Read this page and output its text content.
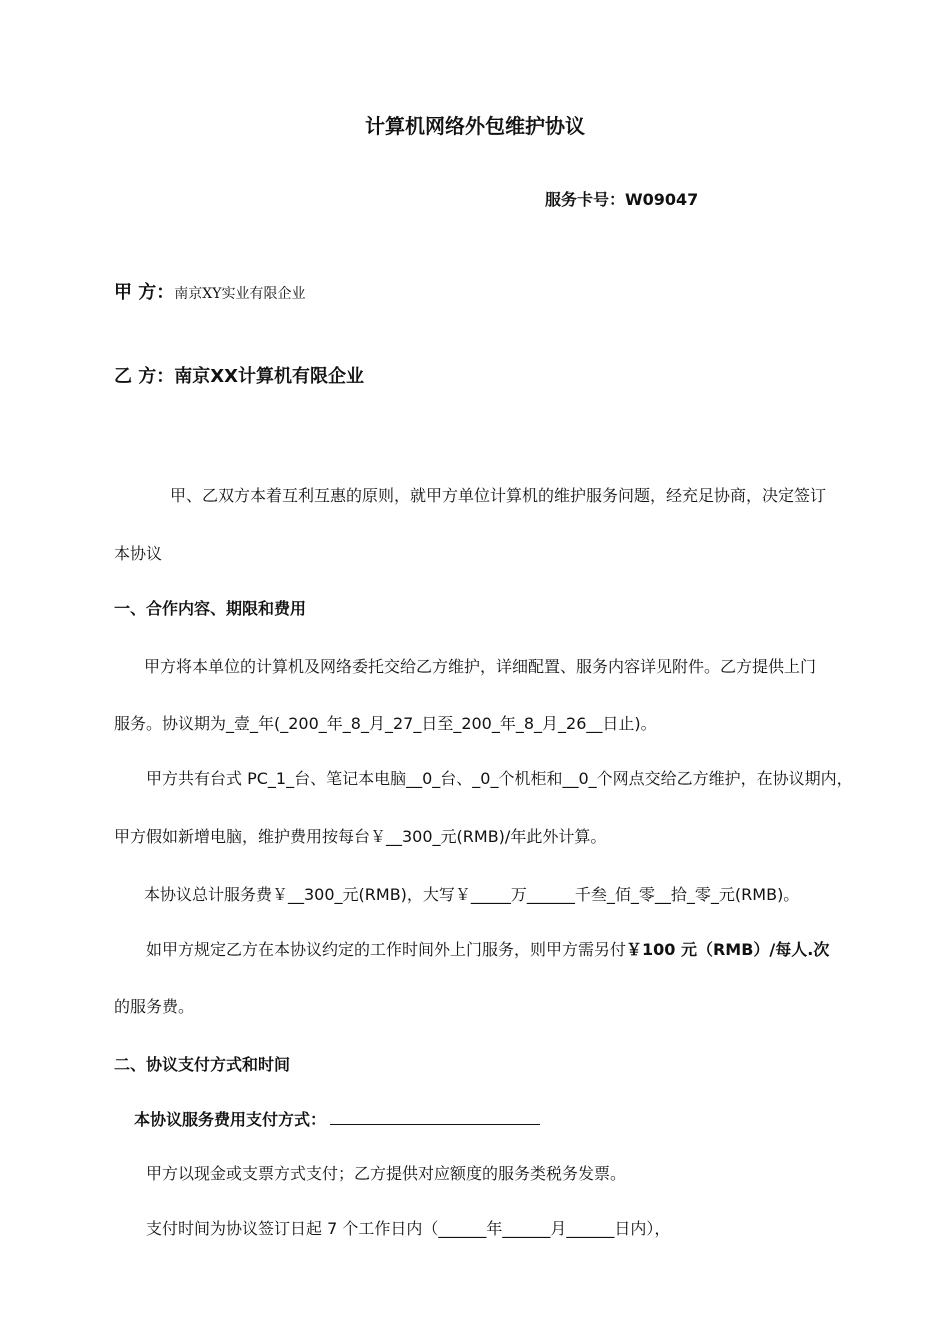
计算机网络外包维护协议
服务卡号：W09047
甲 方：南京XY实业有限企业
乙 方：南京XX计算机有限企业
甲、乙双方本着互利互惠的原则，就甲方单位计算机的维护服务问题，经充足协商，决定签订
本协议
一、合作内容、期限和费用
甲方将本单位的计算机及网络委托交给乙方维护，详细配置、服务内容详见附件。乙方提供上门
服务。协议期为_壹_年(_200_年_8_月_27_日至_200_年_8_月_26__日止)。
甲方共有台式 PC_1_台、笔记本电脑__0_台、_0_个机柜和__0_个网点交给乙方维护，在协议期内，
甲方假如新增电脑，维护费用按每台￥__300_元(RMB)/年此外计算。
本协议总计服务费￥__300_元(RMB)，大写￥_____万______千叁_佰_零__拾_零_元(RMB)。
如甲方规定乙方在本协议约定的工作时间外上门服务，则甲方需另付￥100 元（RMB）/每人.次
的服务费。
二、协议支付方式和时间
本协议服务费用支付方式：
甲方以现金或支票方式支付；乙方提供对应额度的服务类税务发票。
支付时间为协议签订日起 7 个工作日内（______年______月______日内），
